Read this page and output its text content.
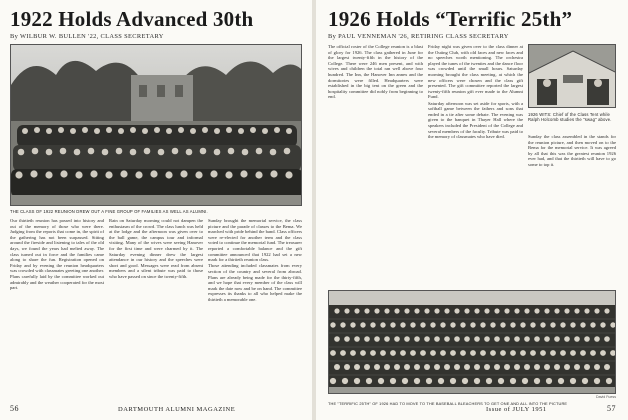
1922 Holds Advanced 30th
By WILBUR W. BULLEN '22, CLASS SECRETARY
THE CLASS OF 1922 REUNION DREW OUT A FINE GROUP OF FAMILIES AS WELL AS ALUMNI.

Our thirtieth reunion has passed into history and out of the memory of those who were there. Judging from the reports that come in, the spirit of the gathering has not been surpassed. Sitting around the fireside and listening to tales of the old days, we found the years had melted away. The class turned out in force and the families came along to share the fun. Registration opened on Friday and by evening the reunion headquarters was crowded with classmates greeting one another. Plans carefully laid by the committee worked out admirably and the weather cooperated for the most part.

Rain on Saturday morning could not dampen the enthusiasm of the crowd. The class lunch was held at the lodge and the afternoon was given over to the ball game, the campus tour and informal visiting. Many of the wives were seeing Hanover for the first time and were charmed by it. The Saturday evening dinner drew the largest attendance in our history and the speeches were short and good. Messages were read from absent members and a silent tribute was paid to those who have passed on since the twenty-fifth.

Sunday brought the memorial service, the class picture and the parade of classes to the Bema. We marched with pride behind the band. Class officers were re-elected for another term and the class voted to continue the memorial fund. The treasurer reported a comfortable balance and the gift committee announced that 1922 had set a new mark for a thirtieth reunion class.

Those attending included classmates from every section of the country and several from abroad. Plans are already being made for the thirty-fifth, and we hope that every member of the class will mark the date now and be on hand. The committee expresses its thanks to all who helped make the thirtieth a memorable one.

56	DARTMOUTH ALUMNI MAGAZINE
1926 Holds “Terrific 25th”
By PAUL VENNEMAN '26, RETIRING CLASS SECRETARY

The official roster of the College reunion is a blast of glory for 1926. The class gathered in June for the largest twenty-fifth in the history of the College. There were 246 men present, and with wives and children the total ran well above four hundred. The Inn, the Hanover Inn annex and the dormitories were filled. Headquarters were established in the big tent on the green and the hospitality committee did nobly from beginning to end.

Friday night was given over to the class dinner at the Outing Club, with old faces and new faces and no speeches worth mentioning. The orchestra played the tunes of the twenties and the dance floor was crowded until the small hours. Saturday morning brought the class meeting, at which the new officers were chosen and the class gift presented. The gift committee reported the largest twenty-fifth reunion gift ever made to the Alumni Fund.

Saturday afternoon was set aside for sports, with a softball game between the fathers and sons that ended in a tie after some debate. The evening was given to the banquet in Thayer Hall where the speakers included the President of the College and several members of the faculty. Tribute was paid to the memory of classmates who have died.

1926 WITS: Chief of the Class Tent while Ralph Holcomb studies the "swag" above.

Sunday the class assembled in the stands for the reunion picture, and then moved on to the Bema for the memorial service. It was agreed by all that this was the greatest reunion 1926 ever had, and that the thirtieth will have to go some to top it.

David Fuess
THE "TERRIFIC 25TH" OF 1926 HAD TO MOVE TO THE BASEBALL BLEACHERS TO GET ONE AND ALL INTO THE PICTURE
57
Issue of JULY 1951
